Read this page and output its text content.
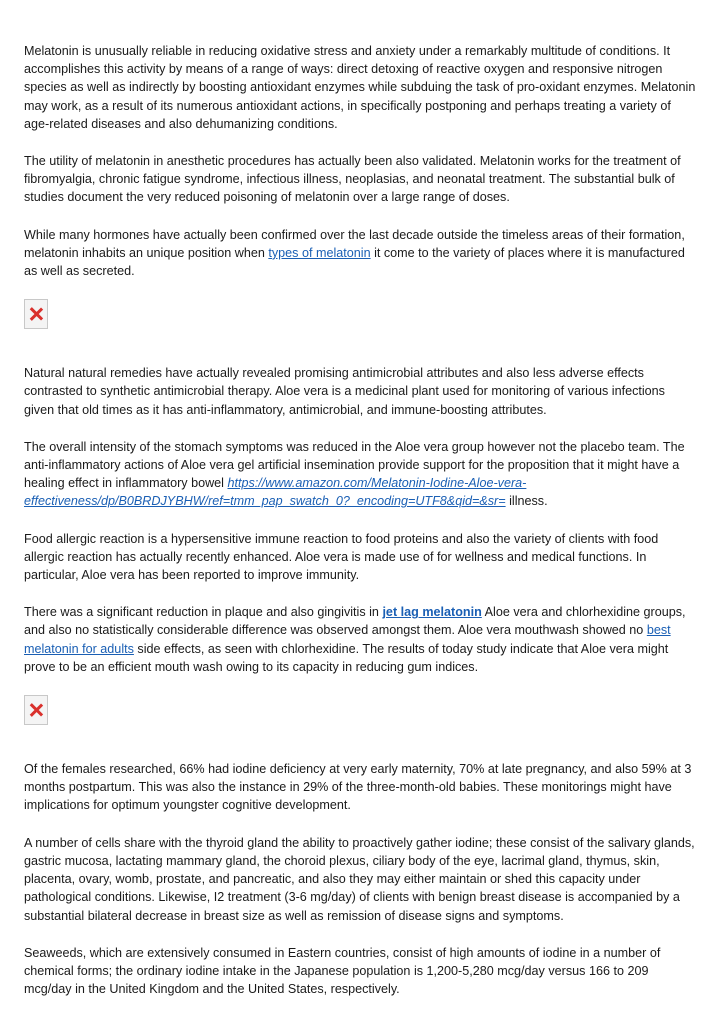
Melatonin is unusually reliable in reducing oxidative stress and anxiety under a remarkably multitude of conditions. It accomplishes this activity by means of a range of ways: direct detoxing of reactive oxygen and responsive nitrogen species as well as indirectly by boosting antioxidant enzymes while subduing the task of pro-oxidant enzymes. Melatonin may work, as a result of its numerous antioxidant actions, in specifically postponing and perhaps treating a variety of age-related diseases and also dehumanizing conditions.

The utility of melatonin in anesthetic procedures has actually been also validated. Melatonin works for the treatment of fibromyalgia, chronic fatigue syndrome, infectious illness, neoplasias, and neonatal treatment. The substantial bulk of studies document the very reduced poisoning of melatonin over a large range of doses.

While many hormones have actually been confirmed over the last decade outside the timeless areas of their formation, melatonin inhabits an unique position when types of melatonin it come to the variety of places where it is manufactured as well as secreted.

Natural natural remedies have actually revealed promising antimicrobial attributes and also less adverse effects contrasted to synthetic antimicrobial therapy. Aloe vera is a medicinal plant used for monitoring of various infections given that old times as it has anti-inflammatory, antimicrobial, and immune-boosting attributes.

The overall intensity of the stomach symptoms was reduced in the Aloe vera group however not the placebo team. The anti-inflammatory actions of Aloe vera gel artificial insemination provide support for the proposition that it might have a healing effect in inflammatory bowel https://www.amazon.com/Melatonin-Iodine-Aloe-vera-effectiveness/dp/B0BRDJYBHW/ref=tmm_pap_swatch_0?_encoding=UTF8&qid=&sr= illness.

Food allergic reaction is a hypersensitive immune reaction to food proteins and also the variety of clients with food allergic reaction has actually recently enhanced. Aloe vera is made use of for wellness and medical functions. In particular, Aloe vera has been reported to improve immunity.

There was a significant reduction in plaque and also gingivitis in jet lag melatonin Aloe vera and chlorhexidine groups, and also no statistically considerable difference was observed amongst them. Aloe vera mouthwash showed no best melatonin for adults side effects, as seen with chlorhexidine. The results of today study indicate that Aloe vera might prove to be an efficient mouth wash owing to its capacity in reducing gum indices.

Of the females researched, 66% had iodine deficiency at very early maternity, 70% at late pregnancy, and also 59% at 3 months postpartum. This was also the instance in 29% of the three-month-old babies. These monitorings might have implications for optimum youngster cognitive development.

A number of cells share with the thyroid gland the ability to proactively gather iodine; these consist of the salivary glands, gastric mucosa, lactating mammary gland, the choroid plexus, ciliary body of the eye, lacrimal gland, thymus, skin, placenta, ovary, womb, prostate, and pancreatic, and also they may either maintain or shed this capacity under pathological conditions. Likewise, I2 treatment (3-6 mg/day) of clients with benign breast disease is accompanied by a substantial bilateral decrease in breast size as well as remission of disease signs and symptoms.

Seaweeds, which are extensively consumed in Eastern countries, consist of high amounts of iodine in a number of chemical forms; the ordinary iodine intake in the Japanese population is 1,200-5,280 mcg/day versus 166 to 209 mcg/day in the United Kingdom and the United States, respectively.
